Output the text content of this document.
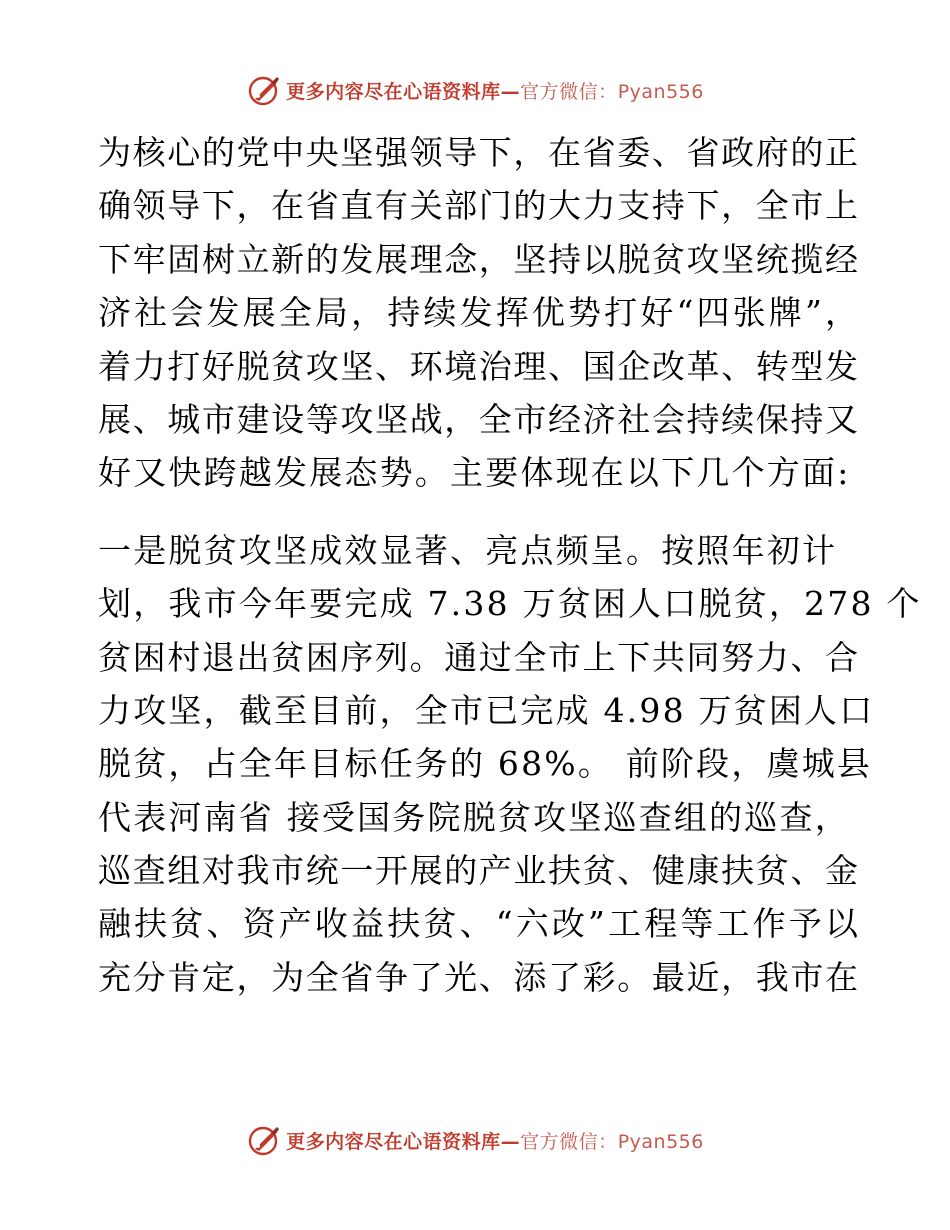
更多内容尽在心语资料库—官方微信：Pyan556
为核心的党中央坚强领导下，在省委、省政府的正
确领导下，在省直有关部门的大力支持下，全市上
下牢固树立新的发展理念，坚持以脱贫攻坚统揽经
济社会发展全局，持续发挥优势打好“四张牌”，
着力打好脱贫攻坚、环境治理、国企改革、转型发
展、城市建设等攻坚战，全市经济社会持续保持又
好又快跨越发展态势。主要体现在以下几个方面:
一是脱贫攻坚成效显著、亮点频呈。按照年初计
划，我市今年要完成 7.38 万贫困人口脱贫，278 个
贫困村退出贫困序列。通过全市上下共同努力、合
力攻坚，截至目前，全市已完成 4.98 万贫困人口
脱贫，占全年目标任务的 68%。 前阶段，虞城县
代表河南省 接受国务院脱贫攻坚巡查组的巡查，
巡查组对我市统一开展的产业扶贫、健康扶贫、金
融扶贫、资产收益扶贫、“六改”工程等工作予以
充分肯定，为全省争了光、添了彩。最近，我市在
更多内容尽在心语资料库—官方微信：Pyan556
